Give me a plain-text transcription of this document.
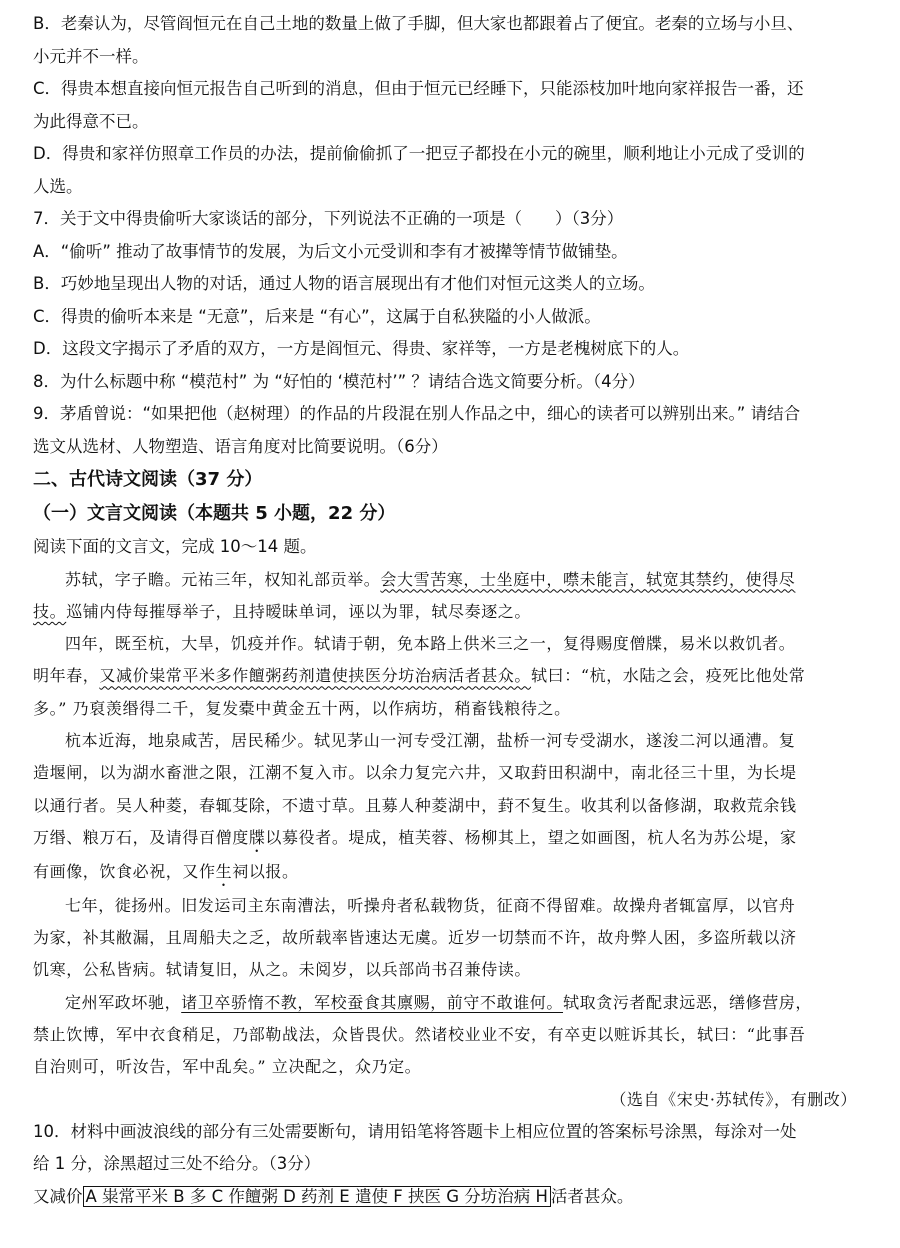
B．老秦认为，尽管阎恒元在自己土地的数量上做了手脚，但大家也都跟着占了便宜。老秦的立场与小旦、

小元并不一样。

C．得贵本想直接向恒元报告自己听到的消息，但由于恒元已经睡下，只能添枝加叶地向家祥报告一番，还

为此得意不已。

D．得贵和家祥仿照章工作员的办法，提前偷偷抓了一把豆子都投在小元的碗里，顺利地让小元成了受训的

人选。

7．关于文中得贵偷听大家谈话的部分，下列说法不正确的一项是（　　）（3分）

A．“偷听” 推动了故事情节的发展，为后文小元受训和李有才被撵等情节做铺垫。

B．巧妙地呈现出人物的对话，通过人物的语言展现出有才他们对恒元这类人的立场。

C．得贵的偷听本来是 “无意”，后来是 “有心”，这属于自私狭隘的小人做派。

D．这段文字揭示了矛盾的双方，一方是阎恒元、得贵、家祥等，一方是老槐树底下的人。

8．为什么标题中称 “模范村” 为 “好怕的 ‘模范村’” ？请结合选文简要分析。（4分）

9．茅盾曾说：“如果把他（赵树理）的作品的片段混在别人作品之中，细心的读者可以辨别出来。” 请结合

选文从选材、人物塑造、语言角度对比简要说明。（6分）

二、古代诗文阅读（37 分）

（一）文言文阅读（本题共 5 小题，22 分）

阅读下面的文言文，完成 10～14 题。

苏轼，字子瞻。元祐三年，权知礼部贡举。会大雪苦寒，士坐庭中，噤未能言，轼宽其禁约，使得尽

技。巡铺内侍每摧辱举子，且持暧昧单词，诬以为罪，轼尽奏逐之。

四年，既至杭，大旱，饥疫并作。轼请于朝，免本路上供米三之一，复得赐度僧牒，易米以救饥者。

明年春，又减价粜常平米多作饘粥药剂遣使挟医分坊治病活者甚众。轼曰：“杭，水陆之会，疫死比他处常

多。” 乃裒羡缗得二千，复发橐中黄金五十两，以作病坊，稍畜钱粮待之。

杭本近海，地泉咸苦，居民稀少。轼见茅山一河专受江潮，盐桥一河专受湖水，遂浚二河以通漕。复

造堰闸，以为湖水畜泄之限，江潮不复入市。以余力复完六井，又取葑田积湖中，南北径三十里，为长堤

以通行者。吴人种菱，春辄芟除，不遗寸草。且募人种菱湖中，葑不复生。收其利以备修湖，取救荒余钱

万缗、粮万石，及请得百僧度牒以募役者。堤成，植芙蓉、杨柳其上，望之如画图，杭人名为苏公堤，家

有画像，饮食必祝，又作生祠以报。

七年，徙扬州。旧发运司主东南漕法，听操舟者私载物货，征商不得留难。故操舟者辄富厚，以官舟

为家，补其敝漏，且周船夫之乏，故所载率皆速达无虞。近岁一切禁而不许，故舟弊人困，多盗所载以济

饥寒，公私皆病。轼请复旧，从之。未阅岁，以兵部尚书召兼侍读。

定州军政坏驰，诸卫卒骄惰不教，军校蚕食其廪赐，前守不敢谁何。轼取贪污者配隶远恶，缮修营房，

禁止饮博，军中衣食稍足，乃部勒战法，众皆畏伏。然诸校业业不安，有卒吏以赃诉其长，轼曰：“此事吾

自治则可，听汝告，军中乱矣。” 立决配之，众乃定。

（选自《宋史·苏轼传》，有删改）

10．材料中画波浪线的部分有三处需要断句，请用铅笔将答题卡上相应位置的答案标号涂黑，每涂对一处

给 1 分，涂黑超过三处不给分。（3分）

又减价 A 粜常平米 B 多 C 作饘粥 D 药剂 E 遣使 F 挟医 G 分坊治病 H 活者甚众。
